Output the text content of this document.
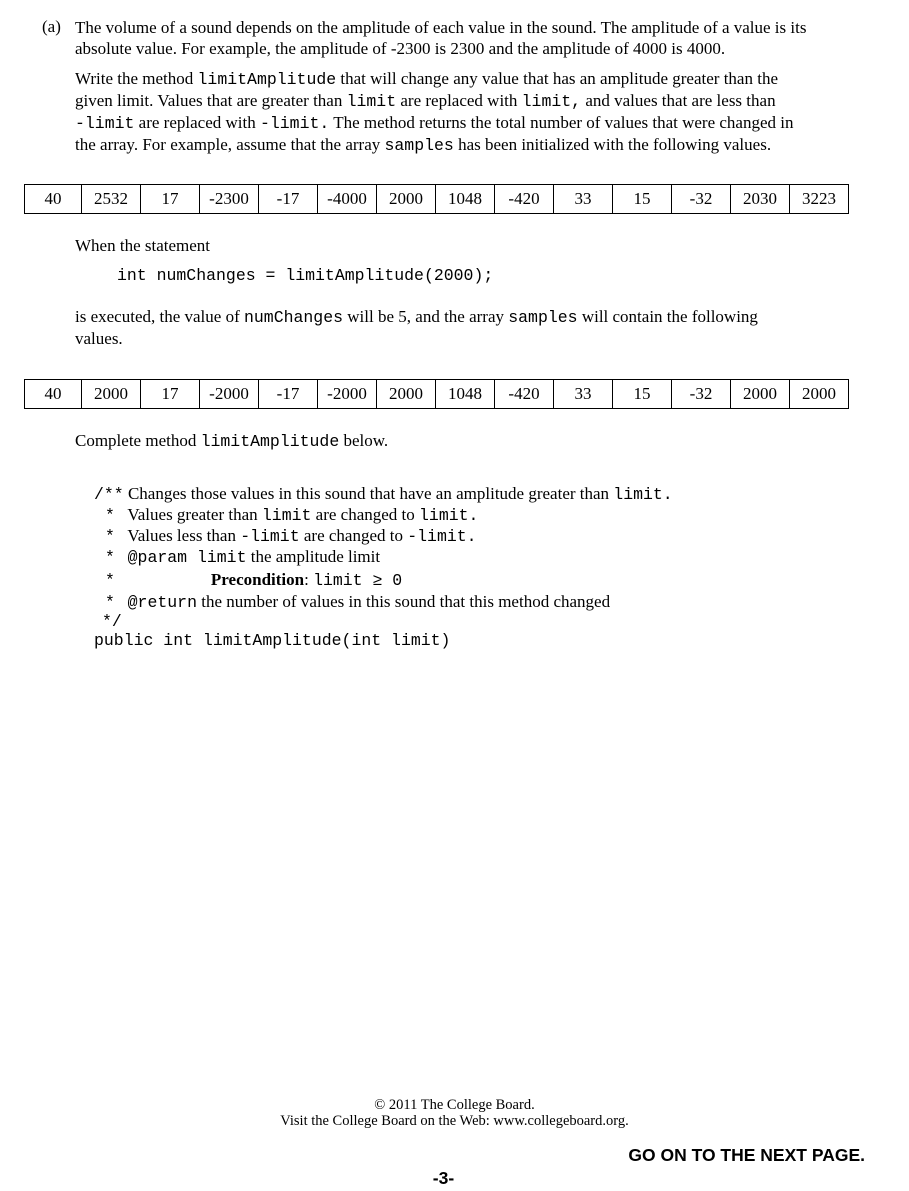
(a) The volume of a sound depends on the amplitude of each value in the sound. The amplitude of a value is its
absolute value. For example, the amplitude of -2300 is 2300 and the amplitude of 4000 is 4000.
Write the method limitAmplitude that will change any value that has an amplitude greater than the
given limit. Values that are greater than limit are replaced with limit, and values that are less than
-limit are replaced with -limit. The method returns the total number of values that were changed in
the array. For example, assume that the array samples has been initialized with the following values.
40	2532	17	-2300	-17	-4000	2000	1048	-420	33	15	-32	2030	3223
When the statement
int numChanges = limitAmplitude(2000);
is executed, the value of numChanges will be 5, and the array samples will contain the following
values.
40	2000	17	-2000	-17	-2000	2000	1048	-420	33	15	-32	2000	2000
Complete method limitAmplitude below.
/** Changes those values in this sound that have an amplitude greater than limit.
* Values greater than limit are changed to limit.
* Values less than -limit are changed to -limit.
* @param limit the amplitude limit
*	Precondition: limit ≥ 0
* @return the number of values in this sound that this method changed
*/
public int limitAmplitude(int limit)
© 2011 The College Board.
Visit the College Board on the Web: www.collegeboard.org.
GO ON TO THE NEXT PAGE.
-3-
